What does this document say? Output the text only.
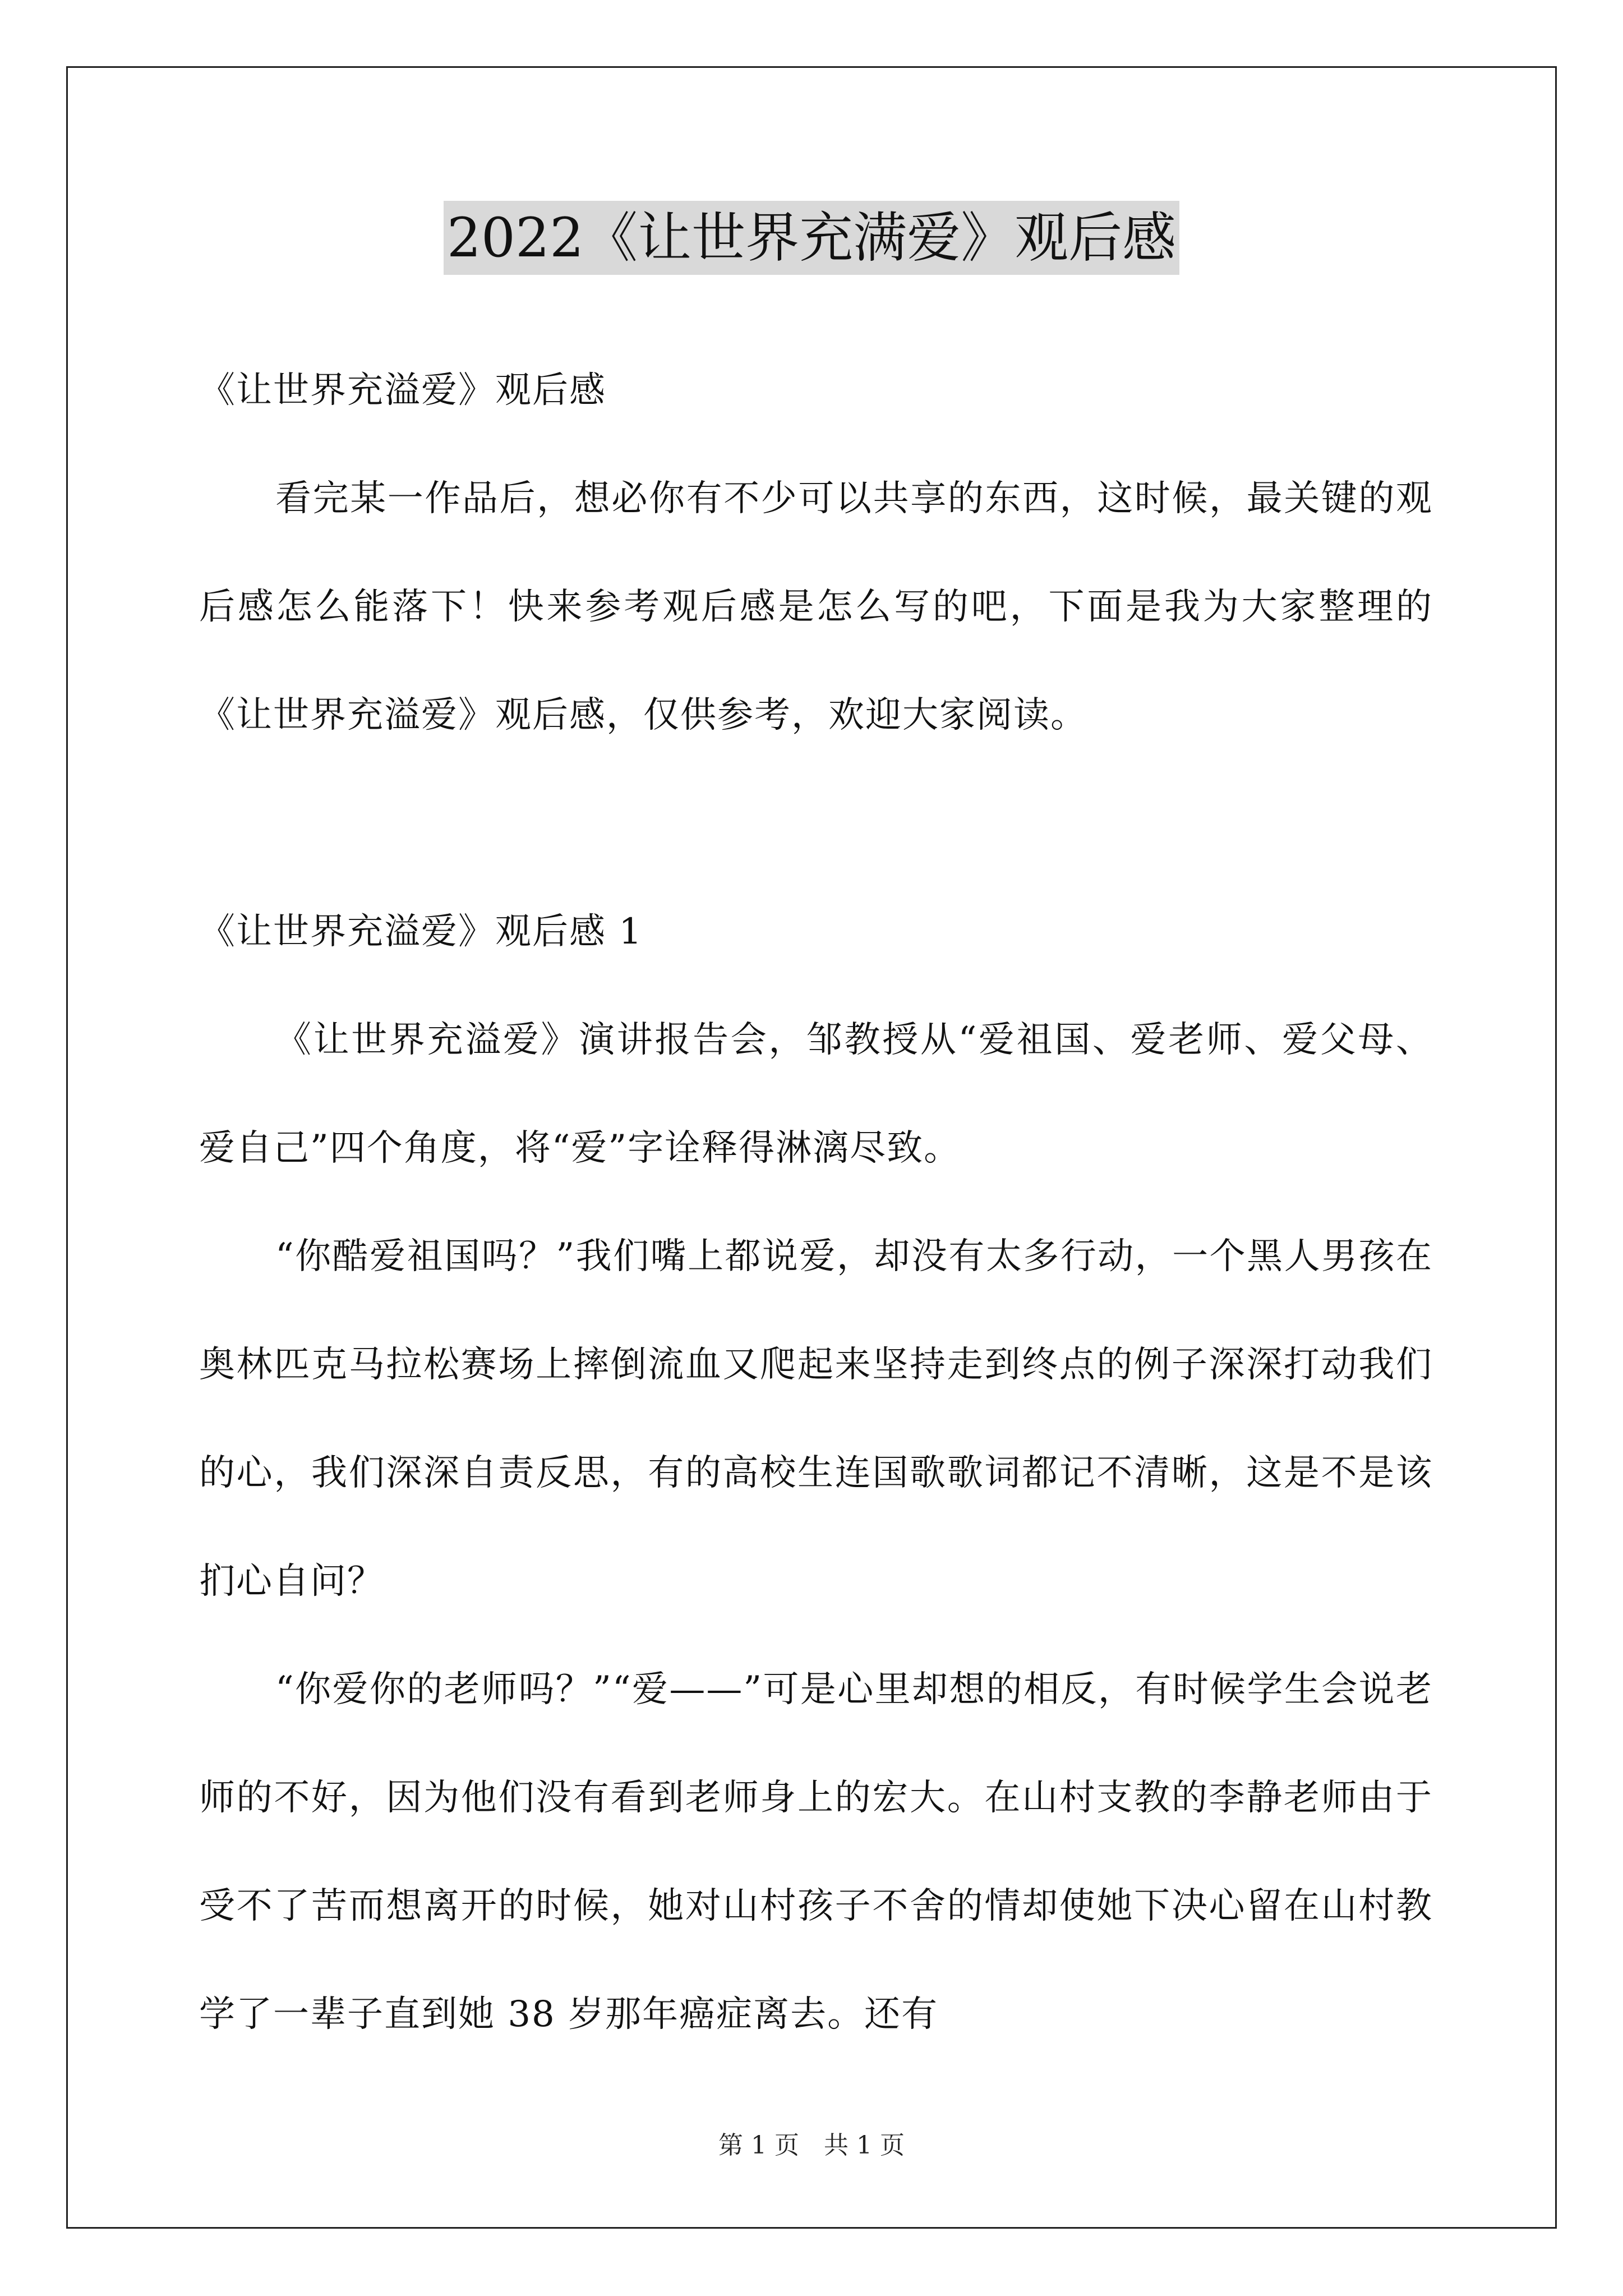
2022《让世界充满爱》观后感

《让世界充溢爱》观后感

看完某一作品后，想必你有不少可以共享的东西，这时候，最关键的观后感怎么能落下！快来参考观后感是怎么写的吧，下面是我为大家整理的《让世界充溢爱》观后感，仅供参考，欢迎大家阅读。

《让世界充溢爱》观后感 1

《让世界充溢爱》演讲报告会，邹教授从“爱祖国、爱老师、爱父母、爱自己”四个角度，将“爱”字诠释得淋漓尽致。

“你酷爱祖国吗？”我们嘴上都说爱，却没有太多行动，一个黑人男孩在奥林匹克马拉松赛场上摔倒流血又爬起来坚持走到终点的例子深深打动我们的心，我们深深自责反思，有的高校生连国歌歌词都记不清晰，这是不是该扪心自问？

“你爱你的老师吗？”“爱——”可是心里却想的相反，有时候学生会说老师的不好，因为他们没有看到老师身上的宏大。在山村支教的李静老师由于受不了苦而想离开的时候，她对山村孩子不舍的情却使她下决心留在山村教学了一辈子直到她 38 岁那年癌症离去。还有

第 1 页　共 1 页
